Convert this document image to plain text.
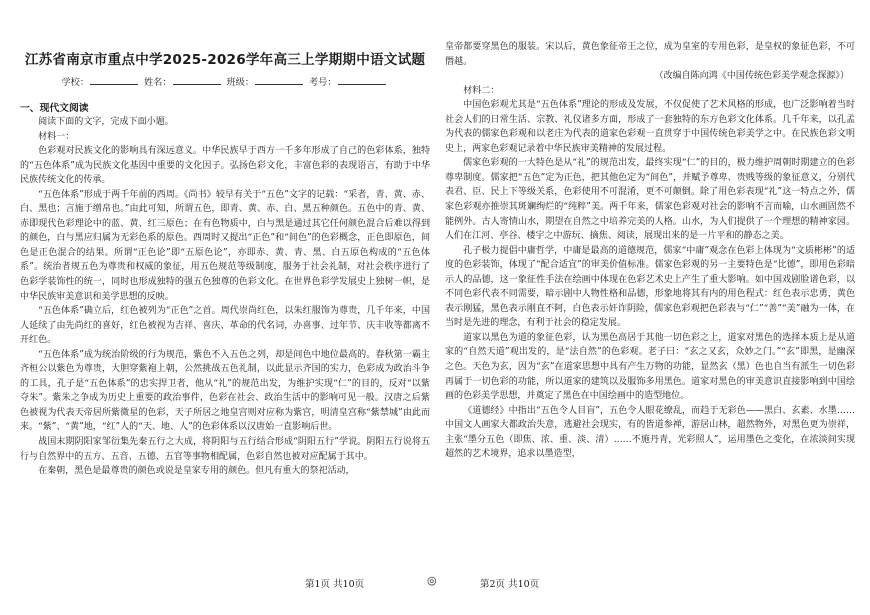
江苏省南京市重点中学2025-2026学年高三上学期期中语文试题
学校：	姓名：	班级：	考号：
一、现代文阅读

阅读下面的文字，完成下面小题。

材料一：

色彩观对民族文化的影响具有深远意义。中华民族早于西方一千多年形成了自己的色彩体系，独特的“五色体系”成为民族文化基因中重要的文化因子。弘扬色彩文化，丰富色彩的表现语言，有助于中华民族传统文化的传承。

“五色体系”形成于两千年前的西周。《尚书》较早有关于“五色”文字的记载：“采者，青、黄、赤、白、黑也；言施于缯帛也。”由此可知，所谓五色，即青、黄、赤、白、黑五种颜色。五色中的青、黄、赤即现代色彩理论中的蓝、黄、红三原色；在有色物质中，白与黑是通过其它任何颜色混合后难以得到的颜色，白与黑应归属为无彩色系的原色。西周时又提出“正色”和“间色”的色彩概念，正色即原色，间色是正色混合的结果。所谓“正色论”即“五原色论”，亦即赤、黄、青、黑、白五原色构成的“五色体系”。统治者规五色为尊贵和权威的象征，用五色规范等级制度，服务于社会礼制，对社会秩序进行了色彩学装饰性的统一，同时也形成独特的强五色独尊的色彩文化。在世界色彩学发展史上独树一帜，是中华民族审美意识和美学思想的反映。

“五色体系”确立后，红色被列为“正色”之首。周代崇尚红色，以朱红服饰为尊贵，几千年来，中国人延续了由先尚红的喜好，红色被视为吉祥、喜庆、革命的代名词，办喜事、过年节、庆丰收等都离不开红色。

“五色体系”成为统治阶级的行为规范，紫色不入五色之列，却是间色中地位最高的。春秋第一霸主齐桓公以紫色为尊贵，大胆穿紫袍上朝，公然挑战五色礼制，以此显示齐国的实力，色彩成为政治斗争的工具，孔子是“五色体系”的忠实捍卫者，他从“礼”的规范出发，为维护实现“仁”的目的，反对“以紫夺朱”。紫朱之争成为历史上重要的政治事件，色彩在社会、政治生活中的影响可见一般。汉唐之后紫色被视为代表天帝居所紫微星的色彩，天子所居之地皇宫则对应称为紫宫，明清皇宫称“紫禁城”由此而来。“紫”、“黄”地，“红”人的“天、地、人”的色彩体系以汉唐始一直影响后世。

战国末期阴阳家邹衍集先秦五行之大成，将阴阳与五行结合形成“阴阳五行”学说。阴阳五行说将五行与自然界中的五方、五音、五德、五官等事物相配属，色彩自然也被对应配属于其中。

在秦朝，黑色是最尊贵的颜色或说是皇家专用的颜色。但凡有重大的祭祀活动，

皇帝都要穿黑色的服装。宋以后，黄色象征帝王之位，成为皇室的专用色彩，是皇权的象征色彩，不可僭越。

（改编自陈向鸿《中国传统色彩美学观念探源》）

材料二：

中国色彩观尤其是“五色体系”理论的形成及发展，不仅促使了艺术风格的形成，也广泛影响着当时社会人们的日常生活、宗教、礼仪诸多方面，形成了一套独特的东方色彩文化体系。几千年来，以孔孟为代表的儒家色彩观和以老庄为代表的道家色彩观一直贯穿于中国传统色彩美学之中。在民族色彩文明史上，两家色彩观记录着中华民族审美精神的发展过程。

儒家色彩观的一大特色是从“礼”的规范出发，最终实现“仁”的目的，极力维护周朝时期建立的色彩尊卑制度。儒家把“五色”定为正色，把其他色定为“间色”，并赋予尊卑、贵贱等级的象征意义，分别代表君、臣、民上下等级关系，色彩使用不可混淆，更不可颠倒。除了用色彩表现“礼”这一特点之外，儒家色彩观亦推崇其斑斓绚烂的“纯粹”美。两千年来，儒家色彩观对社会的影响不言而喻，山水画固然不能例外。古人寄情山水，期望在自然之中培养完美的人格。山水，为人们提供了一个理想的精神家园。人们在江河、亭谷、楼宇之中游玩、摘焦、阅读，展现出来的是一片平和的静态之美。

孔子极力提倡中庸哲学，中庸是最高的道德规范，儒家“中庸”观念在色彩上体现为“文质彬彬”的适度的色彩装饰，体现了“配合适宜”的审美价值标准。儒家色彩观的另一主要特色是“比德”，即用色彩暗示人的品德，这一象征性手法在绘画中体现在色彩艺术史上产生了重大影响。如中国戏剧脸谱色彩，以不同色彩代表不同需要，暗示剧中人物性格和品德，形象地将其有内的用色程式：红色表示忠勇，黄色表示刚猛，黑色表示刚直不阿，白色表示奸诈阴险，儒家色彩观把色彩表与“仁”“善”“美”融为一体，在当时是先进的理念，有利于社会的稳定发展。

道家以黑色为道的象征色彩，认为黑色高居于其他一切色彩之上，道家对黑色的选择本质上是从道家的“自然天道”观出发的，是“法自然”的色彩观。老子曰：“玄之又玄，众妙之门。”“玄”即黑，是幽深之色。天色为玄，因为“玄”在道家思想中具有产生万物的功能，显然玄（黑）色也自当有派生一切色彩再属于一切色彩的功能，所以道家的建筑以及服饰多用黑色。道家对黑色的审美意识直接影响到中国绘画的色彩美学思想，并奠定了黑色在中国绘画中的造型地位。

《道德经》中指出“五色令人目盲”，五色令人眼花缭乱，而趋于无彩色——黑白、玄素、水墨……中国文人画家大都政治失意，逃避社会现实，有的皆道参禅，游居山林，超然物外，对黑色更为崇祥，主张“墨分五色（即焦、浓、重、淡、清）……不施丹青，光彩照人”，运用墨色之变化，在浓淡间实现超然的艺术境界，追求以墨造型，

第1页 共10页	◎	第2页 共10页
